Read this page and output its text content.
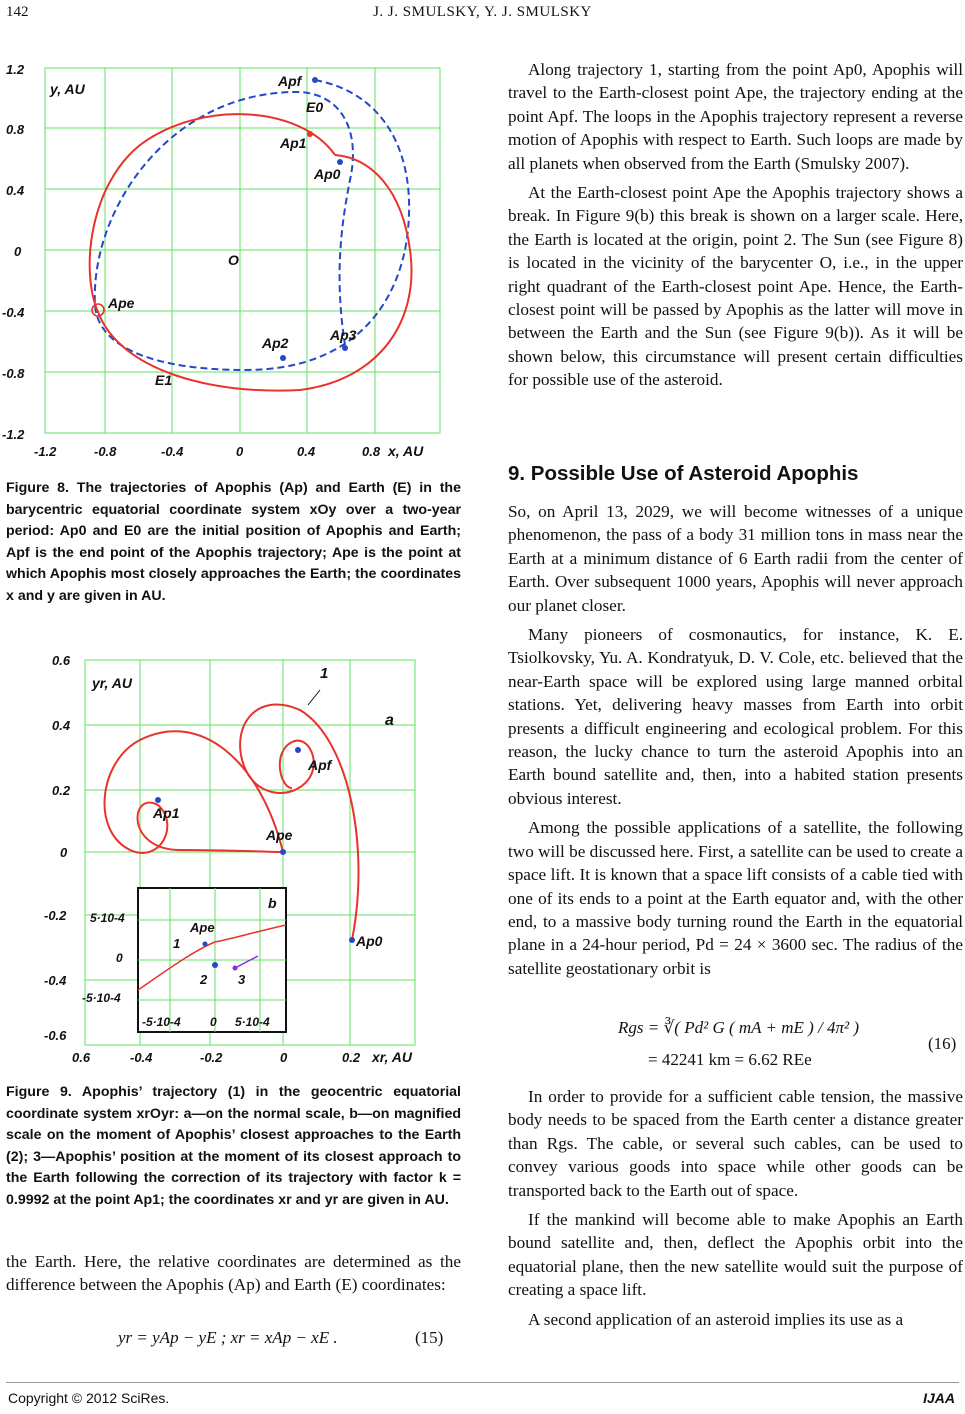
142	J. J. SMULSKY, Y. J. SMULSKY
1.2
0.8
0.4
0
-0.4
-0.8
-1.2
-1.2	-0.8	-0.4	0	0.4	0.8
y, AU
x, AU
Apf
E0
Ap1
Ap0
O
Ape
Ap2	Ap3
E1
Figure 8. The trajectories of Apophis (Ap) and Earth (E) in the barycentric equatorial coordinate system xOy over a two-year period: Ap0 and E0 are the initial position of Apophis and Earth; Apf is the end point of the Apophis trajectory; Ape is the point at which Apophis most closely approaches the Earth; the coordinates x and y are given in AU.
0.6
0.4
0.2
0
-0.2
-0.4
-0.6
0.6	-0.4	-0.2	0	0.2
yr, AU
xr, AU
1
a
Apf
Ap1
Ape
Ap0
b
Ape
1
2 3
5·10-4
0
-5·10-4
-5·10-4 0 5·10-4
Figure 9. Apophis’ trajectory (1) in the geocentric equatorial coordinate system xrOyr: a—on the normal scale, b—on magnified scale on the moment of Apophis’ closest approaches to the Earth (2); 3—Apophis’ position at the moment of its closest approach to the Earth following the correction of its trajectory with factor k = 0.9992 at the point Ap1; the coordinates xr and yr are given in AU.

the Earth. Here, the relative coordinates are determined as the difference between the Apophis (Ap) and Earth (E) coordinates:

yr = yAp − yE ; xr = xAp − xE .	(15)

Along trajectory 1, starting from the point Ap0, Apophis will travel to the Earth-closest point Ape, the trajectory ending at the point Apf. The loops in the Apophis trajectory represent a reverse motion of Apophis with respect to Earth. Such loops are made by all planets when observed from the Earth (Smulsky 2007).

At the Earth-closest point Ape the Apophis trajectory shows a break. In Figure 9(b) this break is shown on a larger scale. Here, the Earth is located at the origin, point 2. The Sun (see Figure 8) is located in the vicinity of the barycenter O, i.e., in the upper right quadrant of the Earth-closest point Ape. Hence, the Earth-closest point will be passed by Apophis as the latter will move in between the Earth and the Sun (see Figure 9(b)). As it will be shown below, this circumstance will present certain difficulties for possible use of the asteroid.

9. Possible Use of Asteroid Apophis

So, on April 13, 2029, we will become witnesses of a unique phenomenon, the pass of a body 31 million tons in mass near the Earth at a minimum distance of 6 Earth radii from the center of Earth. Over subsequent 1000 years, Apophis will never approach our planet closer.

Many pioneers of cosmonautics, for instance, K. E. Tsiolkovsky, Yu. A. Kondratyuk, D. V. Cole, etc. believed that the near-Earth space will be explored using large manned orbital stations. Yet, delivering heavy masses from Earth into orbit presents a difficult engineering and ecological problem. For this reason, the lucky chance to turn the asteroid Apophis into an Earth bound satellite and, then, into a habited station presents obvious interest.

Among the possible applications of a satellite, the following two will be discussed here. First, a satellite can be used to create a space lift. It is known that a space lift consists of a cable tied with one of its ends to a point at the Earth equator and, with the other end, to a massive body turning round the Earth in the equatorial plane in a 24-hour period, Pd = 24 × 3600 sec. The radius of the satellite geostationary orbit is

Rgs = ∛( Pd² G ( mA + mE ) / 4π² )
= 42241 km = 6.62 REe
(16)

In order to provide for a sufficient cable tension, the massive body needs to be spaced from the Earth center a distance greater than Rgs. The cable, or several such cables, can be used to convey various goods into space while other goods can be transported back to the Earth out of space.

If the mankind will become able to make Apophis an Earth bound satellite and, then, deflect the Apophis orbit into the equatorial plane, then the new satellite would suit the purpose of creating a space lift.

A second application of an asteroid implies its use as a

Copyright © 2012 SciRes.	IJAA
